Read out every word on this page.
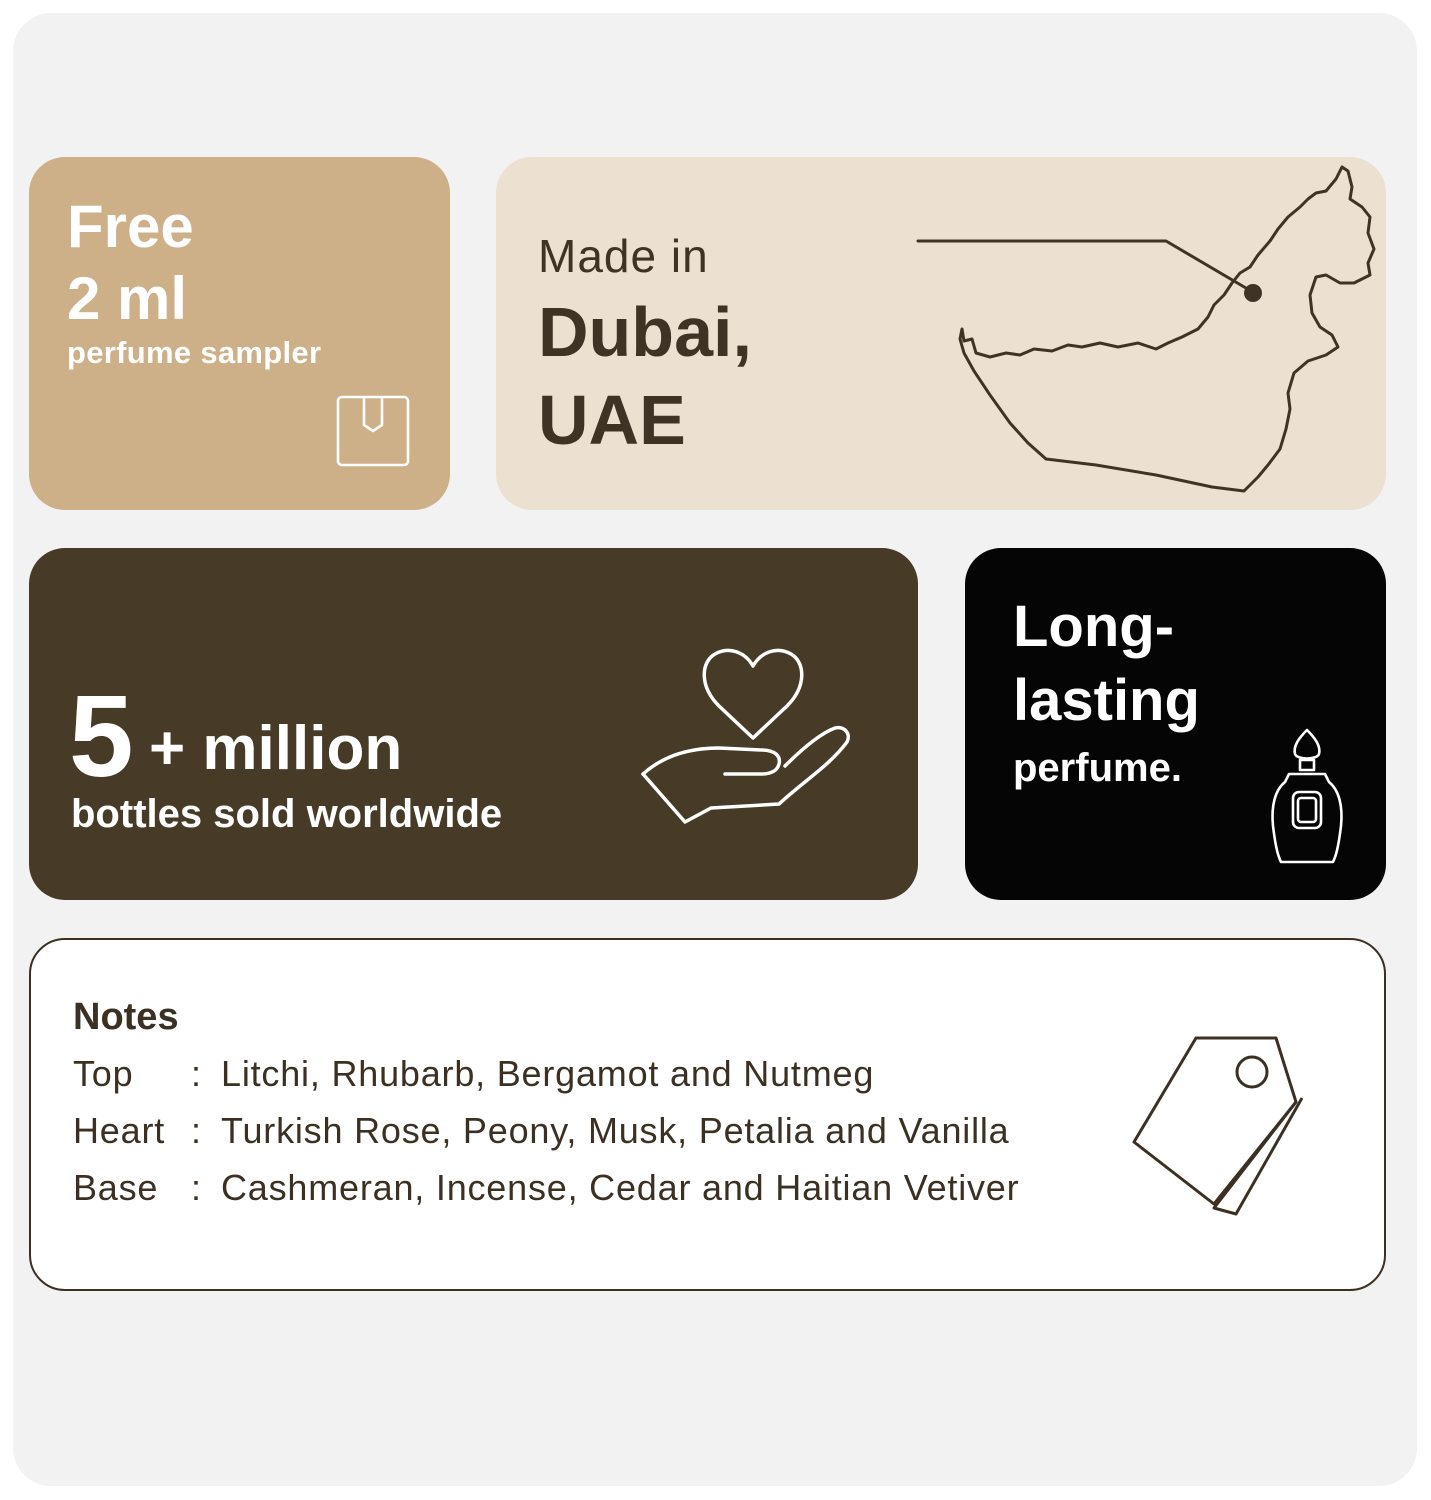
Free
2 ml
perfume sampler
Made in
Dubai,
UAE
5 + million
bottles sold worldwide
Long-
lasting
perfume.
Notes
Top : Litchi, Rhubarb, Bergamot and Nutmeg
Heart : Turkish Rose, Peony, Musk, Petalia and Vanilla
Base : Cashmeran, Incense, Cedar and Haitian Vetiver
